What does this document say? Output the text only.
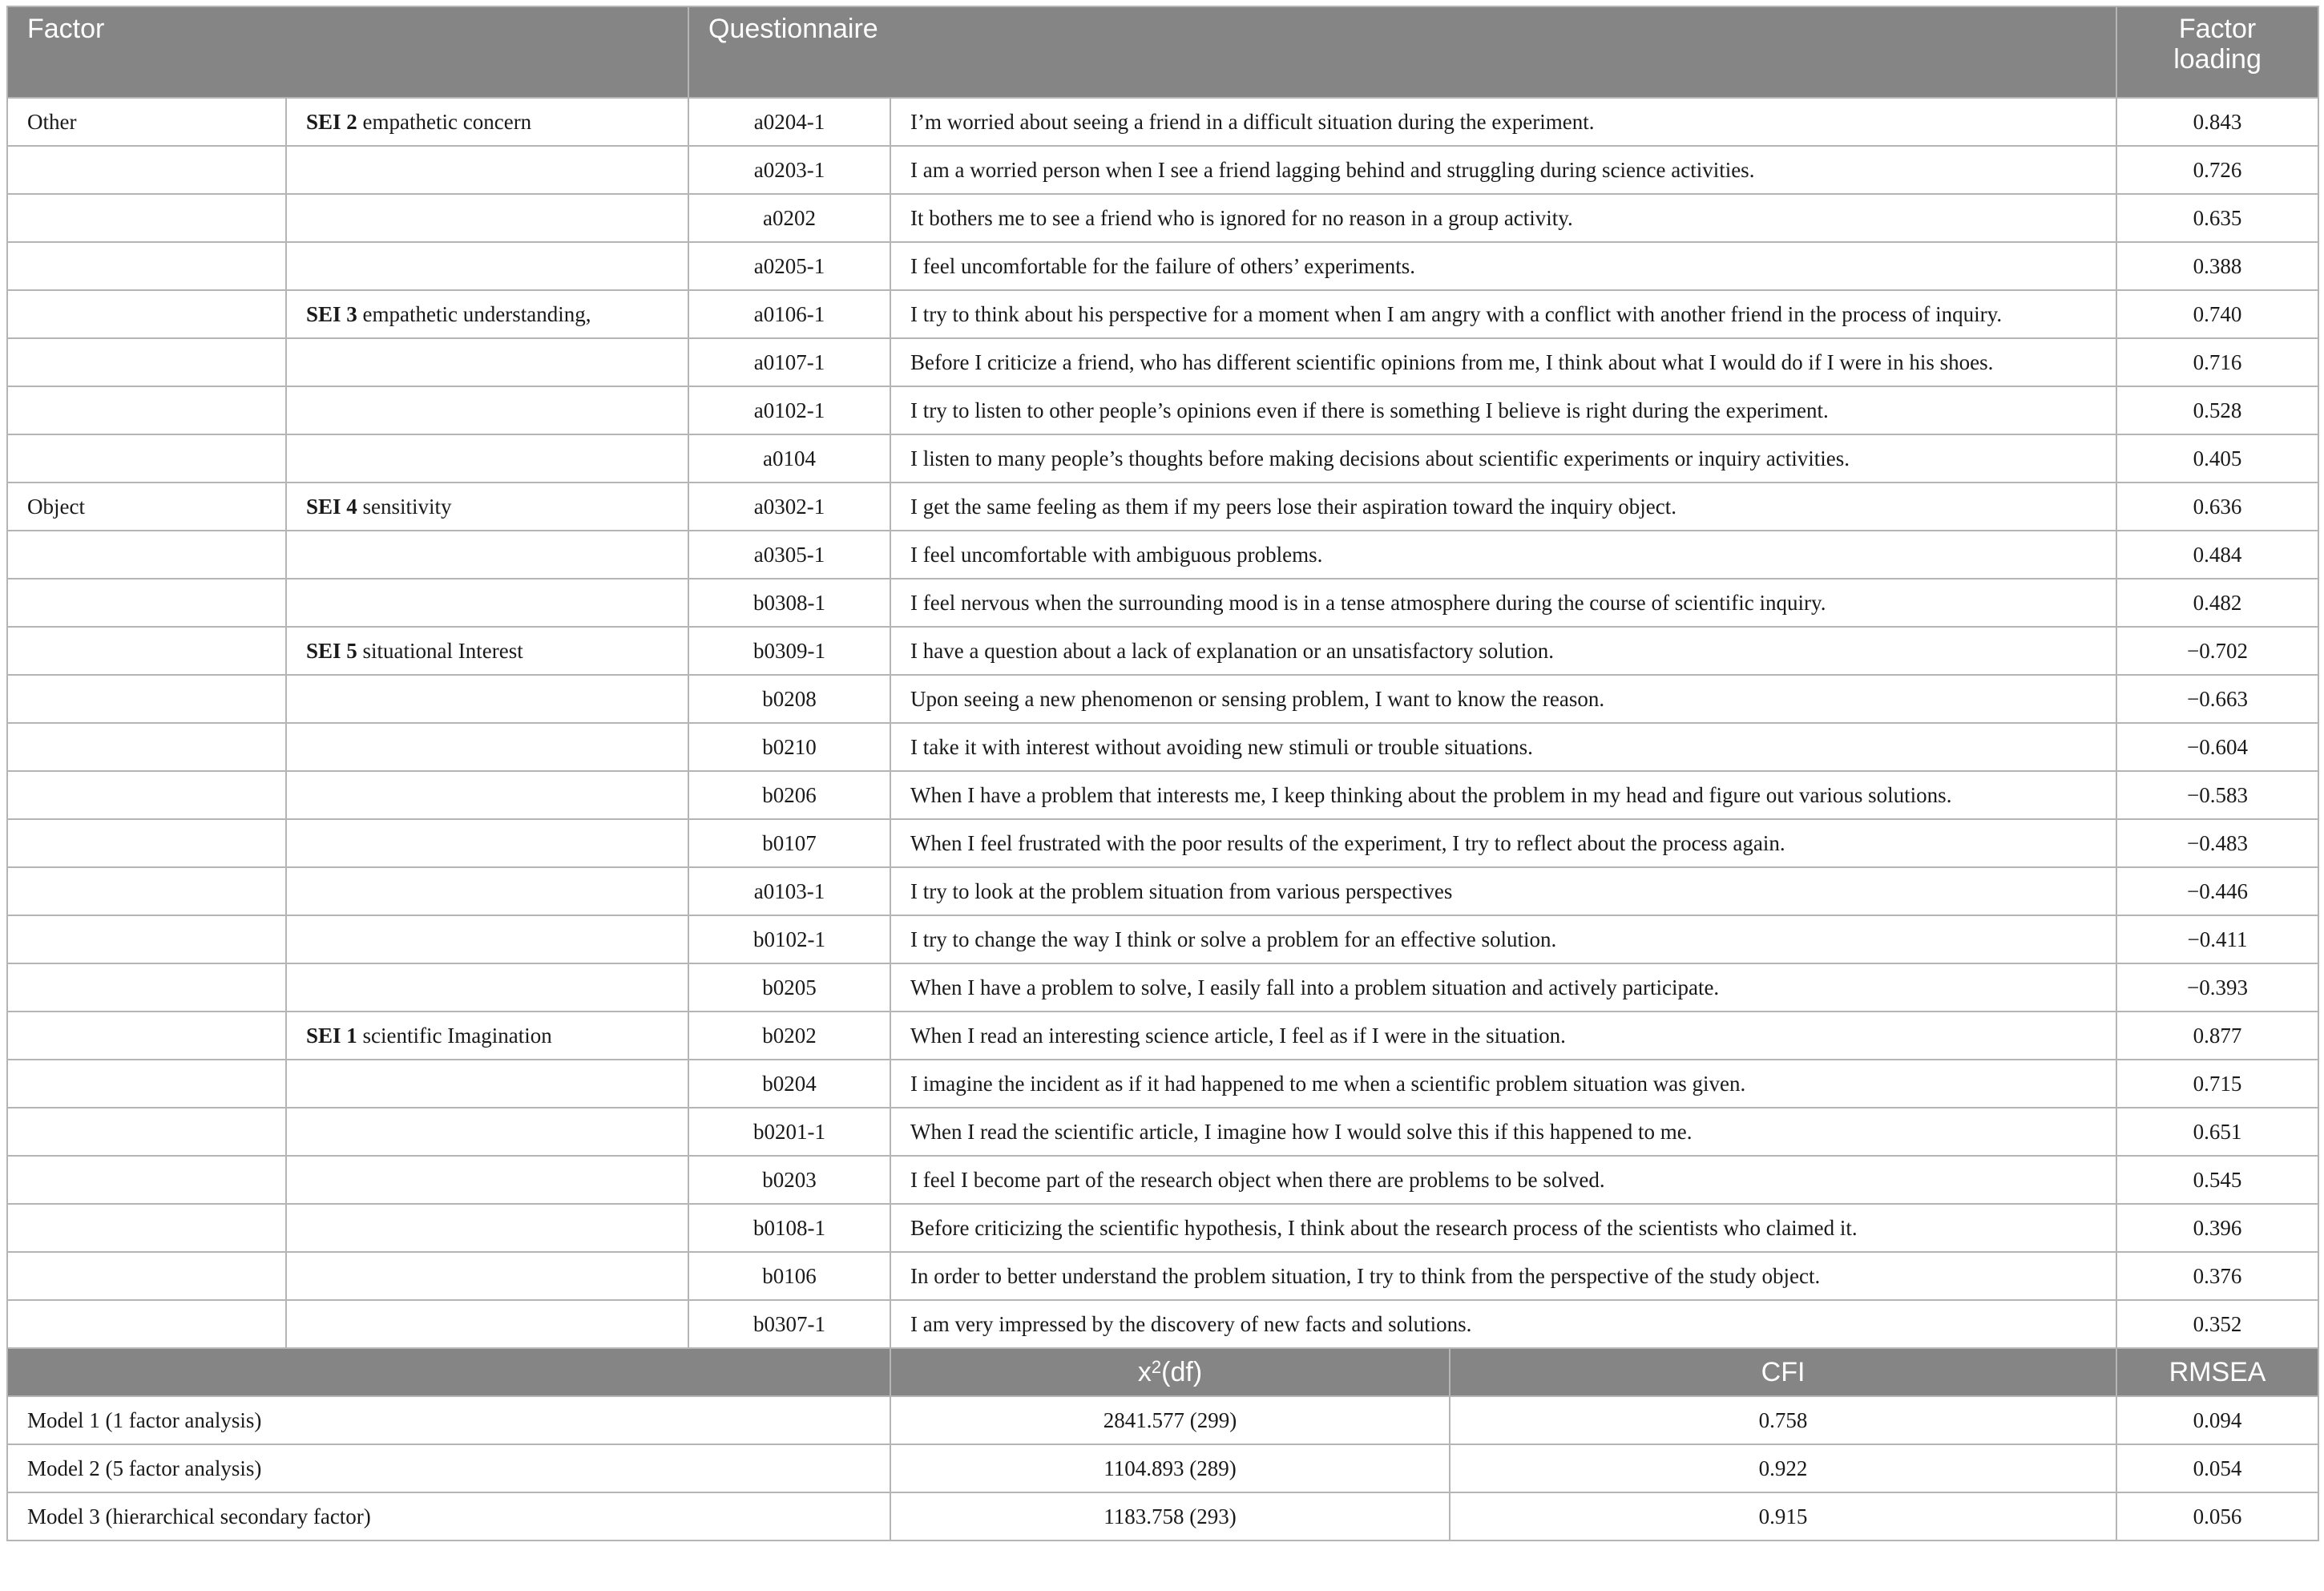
Factor		Questionnaire			Factor loading
Other	SEI 2 empathetic concern	a0204-1	I’m worried about seeing a friend in a difficult situation during the experiment.		0.843
		a0203-1	I am a worried person when I see a friend lagging behind and struggling during science activities.		0.726
		a0202	It bothers me to see a friend who is ignored for no reason in a group activity.		0.635
		a0205-1	I feel uncomfortable for the failure of others’ experiments.		0.388
	SEI 3 empathetic understanding,	a0106-1	I try to think about his perspective for a moment when I am angry with a conflict with another friend in the process of inquiry.		0.740
		a0107-1	Before I criticize a friend, who has different scientific opinions from me, I think about what I would do if I were in his shoes.		0.716
		a0102-1	I try to listen to other people’s opinions even if there is something I believe is right during the experiment.		0.528
		a0104	I listen to many people’s thoughts before making decisions about scientific experiments or inquiry activities.		0.405
Object	SEI 4 sensitivity	a0302-1	I get the same feeling as them if my peers lose their aspiration toward the inquiry object.		0.636
		a0305-1	I feel uncomfortable with ambiguous problems.		0.484
		b0308-1	I feel nervous when the surrounding mood is in a tense atmosphere during the course of scientific inquiry.		0.482
	SEI 5 situational Interest	b0309-1	I have a question about a lack of explanation or an unsatisfactory solution.		−0.702
		b0208	Upon seeing a new phenomenon or sensing problem, I want to know the reason.		−0.663
		b0210	I take it with interest without avoiding new stimuli or trouble situations.		−0.604
		b0206	When I have a problem that interests me, I keep thinking about the problem in my head and figure out various solutions.		−0.583
		b0107	When I feel frustrated with the poor results of the experiment, I try to reflect about the process again.		−0.483
		a0103-1	I try to look at the problem situation from various perspectives		−0.446
		b0102-1	I try to change the way I think or solve a problem for an effective solution.		−0.411
		b0205	When I have a problem to solve, I easily fall into a problem situation and actively participate.		−0.393
	SEI 1 scientific Imagination	b0202	When I read an interesting science article, I feel as if I were in the situation.		0.877
		b0204	I imagine the incident as if it had happened to me when a scientific problem situation was given.		0.715
		b0201-1	When I read the scientific article, I imagine how I would solve this if this happened to me.		0.651
		b0203	I feel I become part of the research object when there are problems to be solved.		0.545
		b0108-1	Before criticizing the scientific hypothesis, I think about the research process of the scientists who claimed it.		0.396
		b0106	In order to better understand the problem situation, I try to think from the perspective of the study object.		0.376
		b0307-1	I am very impressed by the discovery of new facts and solutions.		0.352
			$x^2(df)$	CFI	RMSEA
Model 1 (1 factor analysis)			2841.577 (299)	0.758	0.094
Model 2 (5 factor analysis)			1104.893 (289)	0.922	0.054
Model 3 (hierarchical secondary factor)			1183.758 (293)	0.915	0.056
